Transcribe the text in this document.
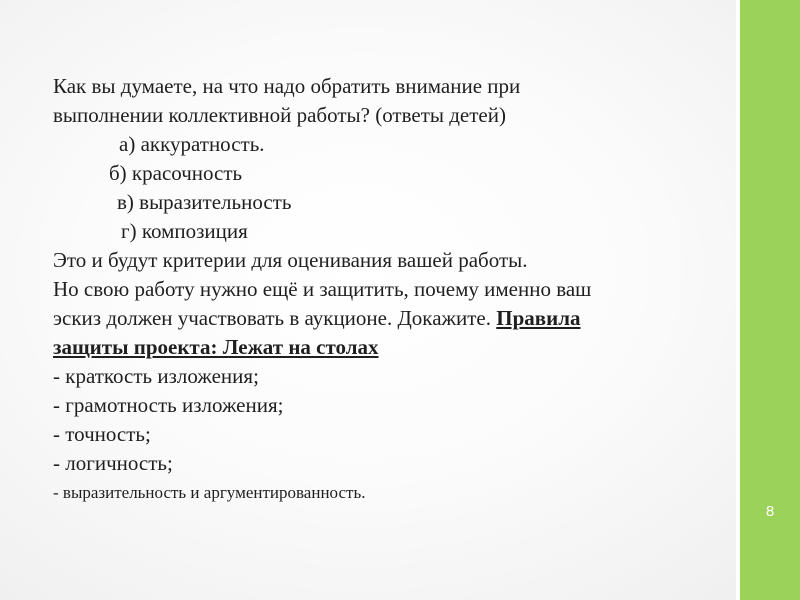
8
Как вы думаете, на что надо обратить внимание при
выполнении коллективной работы? (ответы детей)
а) аккуратность.
б) красочность
в) выразительность
г) композиция
Это и будут критерии для оценивания вашей работы.
Но свою работу нужно ещё и защитить, почему именно ваш
эскиз должен участвовать в аукционе. Докажите. Правила
защиты проекта: Лежат на столах
- краткость изложения;
- грамотность изложения;
- точность;
- логичность;
- выразительность и аргументированность.
